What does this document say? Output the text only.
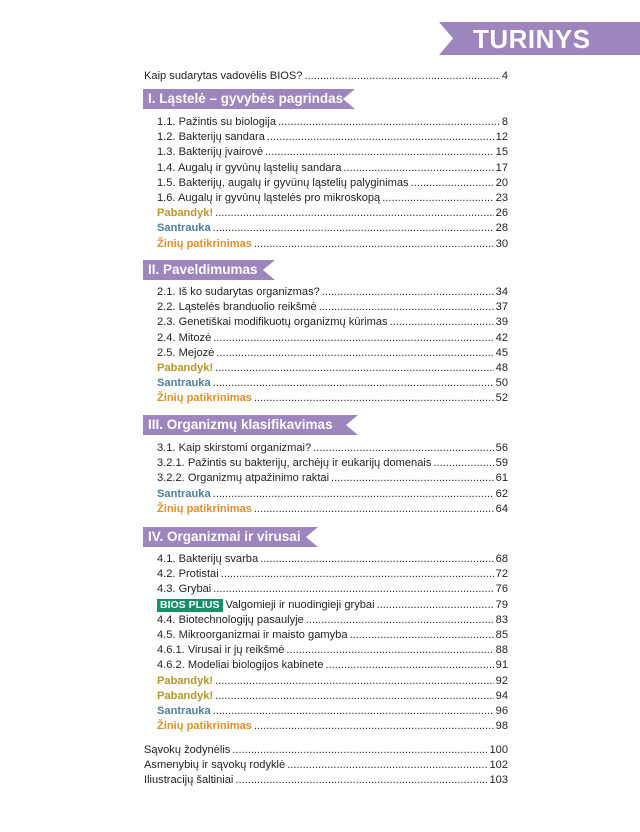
TURINYS
Kaip sudarytas vadovėlis BIOS? .....	4
I. Ląstelė – gyvybės pagrindas
1.1. Pažintis su biologija .....	8
1.2. Bakterijų sandara .....	12
1.3. Bakterijų įvairovė .....	15
1.4. Augalų ir gyvūnų ląstelių sandara .....	17
1.5. Bakterijų, augalų ir gyvūnų ląstelių palyginimas .....	20
1.6. Augalų ir gyvūnų ląstelės pro mikroskopą .....	23
Pabandyk! .....	26
Santrauka .....	28
Žinių patikrinimas .....	30
II. Paveldimumas
2.1. Iš ko sudarytas organizmas? .....	34
2.2. Ląstelės branduolio reikšmė .....	37
2.3. Genetiškai modifikuotų organizmų kūrimas .....	39
2.4. Mitozė .....	42
2.5. Mejozė .....	45
Pabandyk! .....	48
Santrauka .....	50
Žinių patikrinimas .....	52
III. Organizmų klasifikavimas
3.1. Kaip skirstomi organizmai? .....	56
3.2.1. Pažintis su bakterijų, archėjų ir eukarijų domenais .....	59
3.2.2. Organizmų atpažinimo raktai .....	61
Santrauka .....	62
Žinių patikrinimas .....	64
IV. Organizmai ir virusai
4.1. Bakterijų svarba .....	68
4.2. Protistai .....	72
4.3. Grybai .....	76
BIOS PLIUS Valgomieji ir nuodingieji grybai .....	79
4.4. Biotechnologijų pasaulyje .....	83
4.5. Mikroorganizmai ir maisto gamyba .....	85
4.6.1. Virusai ir jų reikšmė .....	88
4.6.2. Modeliai biologijos kabinete .....	91
Pabandyk! .....	92
Pabandyk! .....	94
Santrauka .....	96
Žinių patikrinimas .....	98
Sąvokų žodynėlis .....	100
Asmenybių ir sąvokų rodyklė .....	102
Iliustracijų šaltiniai .....	103
